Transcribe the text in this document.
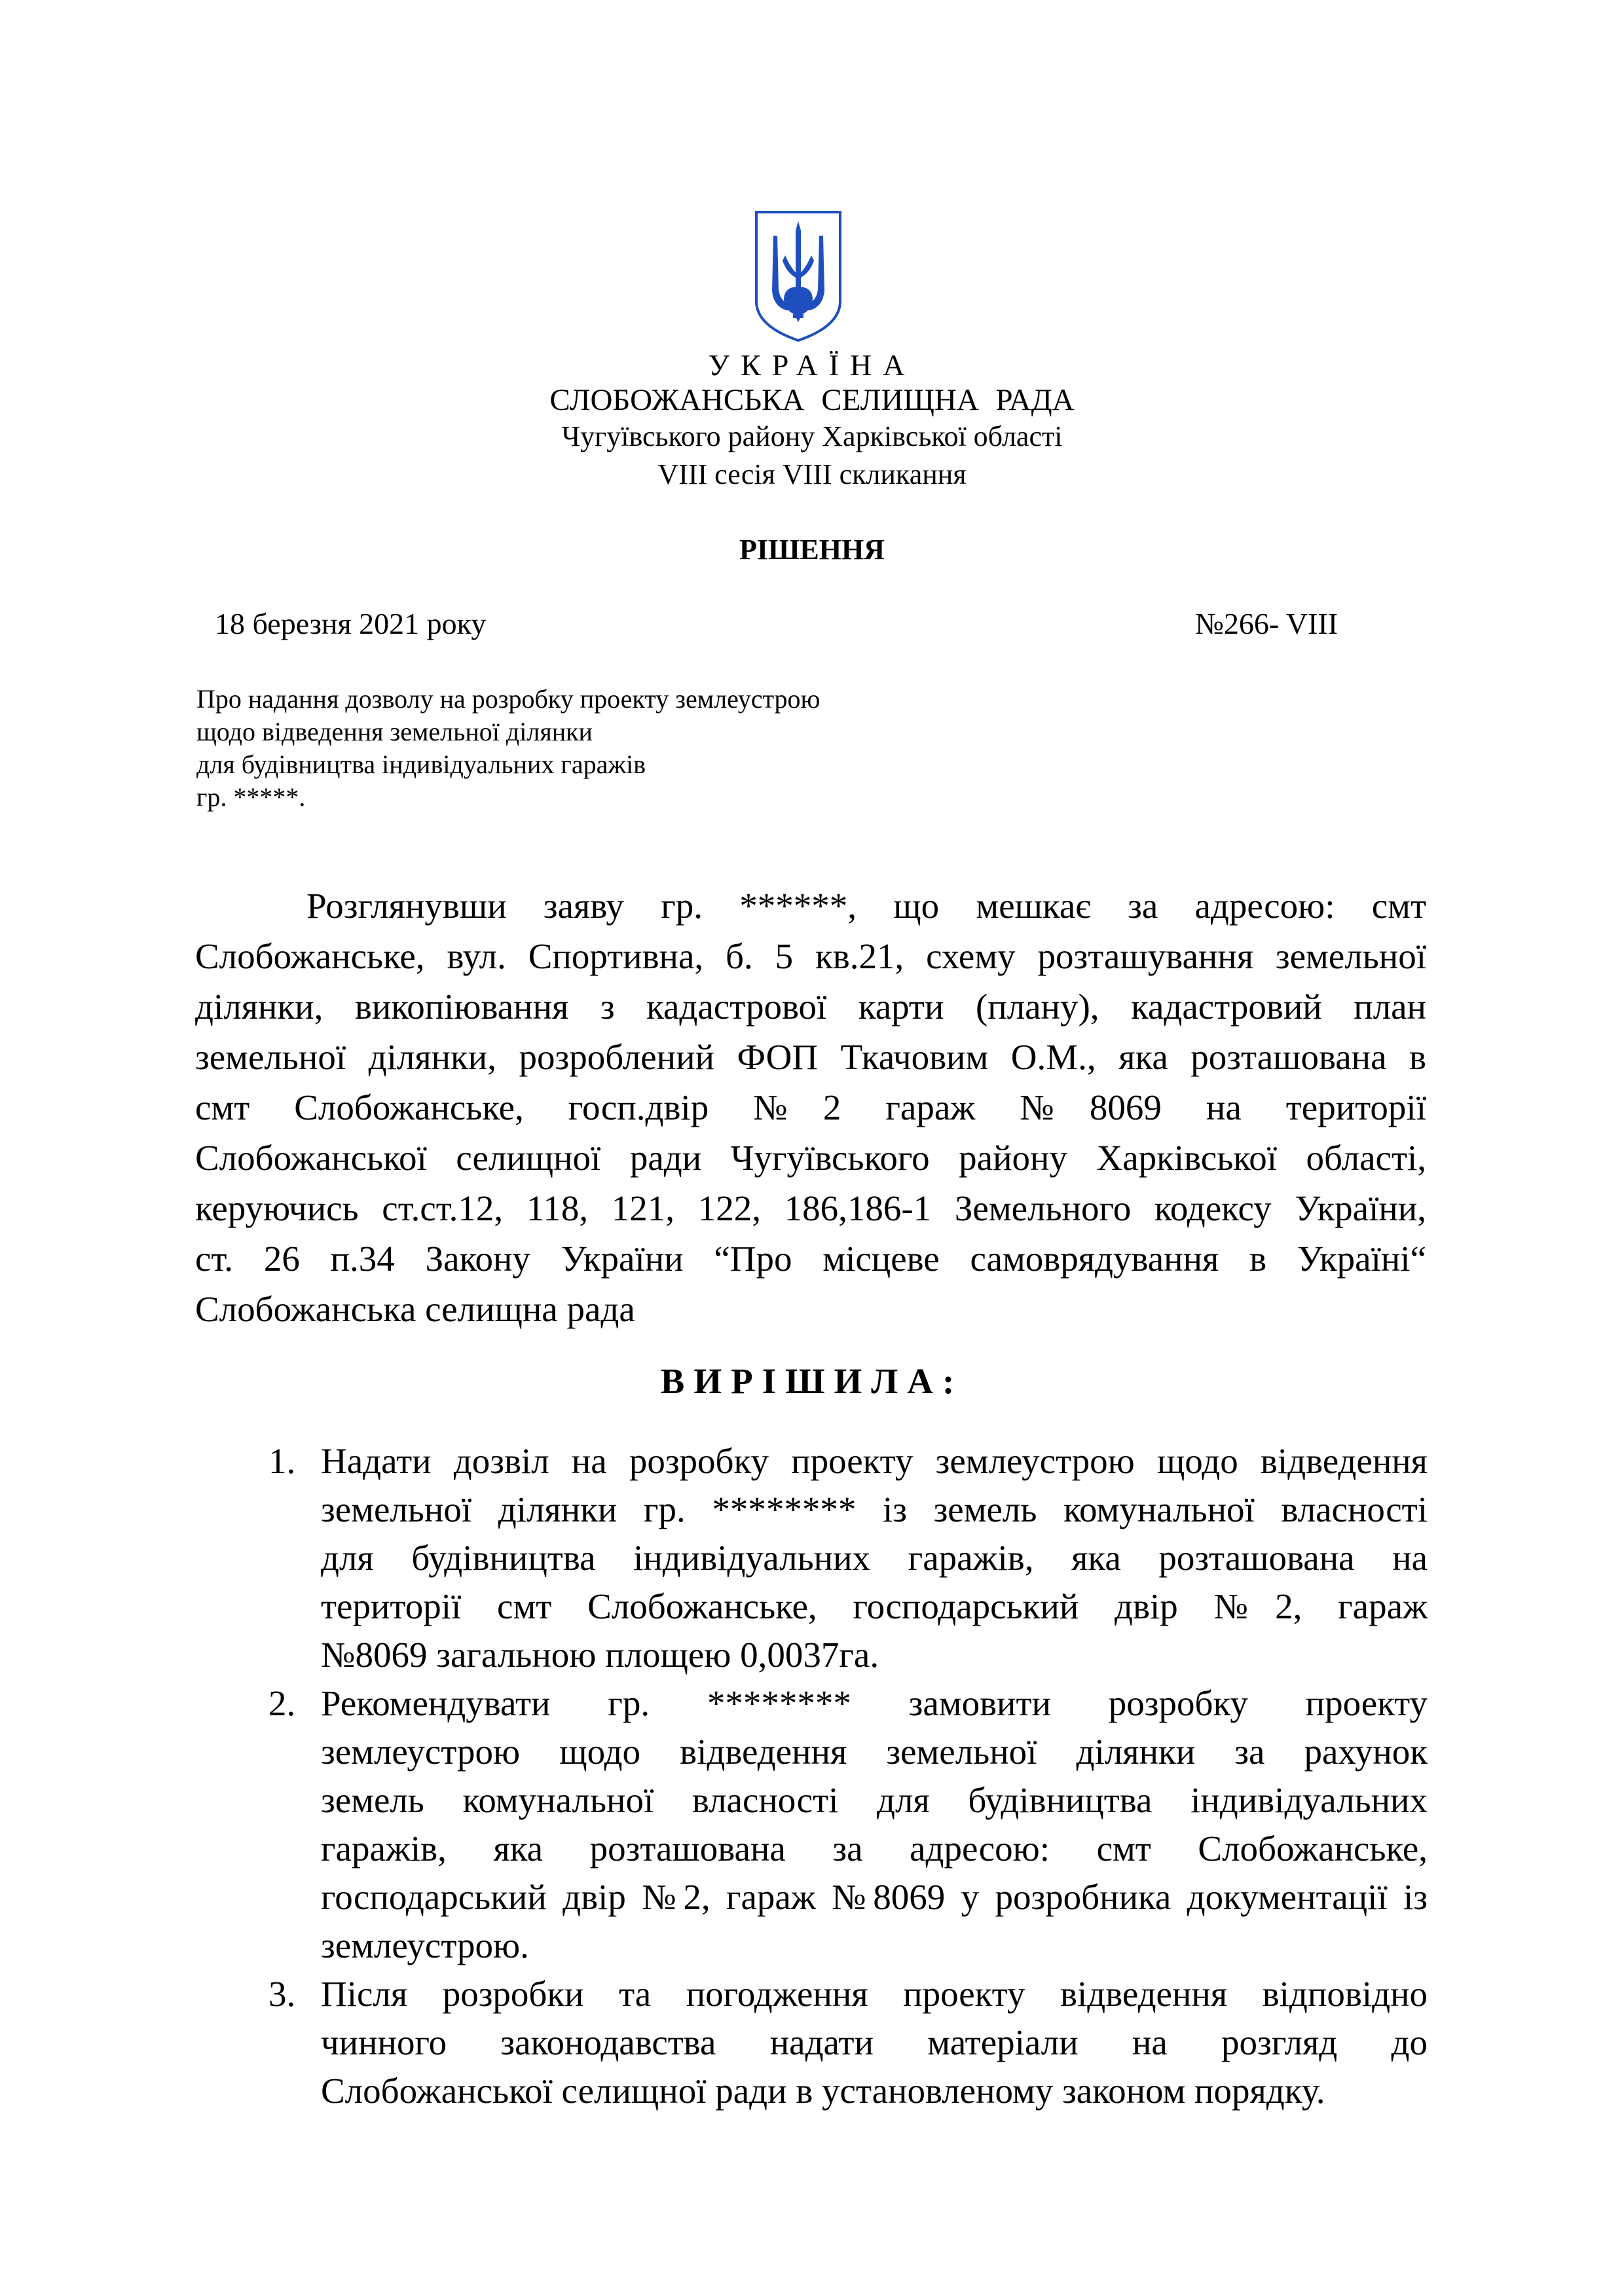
УКРАЇНА
СЛОБОЖАНСЬКА СЕЛИЩНА РАДА
Чугуївського району Харківської області
VIII сесія VIII скликання
РІШЕННЯ
18 березня 2021 року	№266- VIII
Про надання дозволу на розробку проекту землеустрою
щодо відведення земельної ділянки
для будівництва індивідуальних гаражів
гр. *****.
Розглянувши заяву гр. ******, що мешкає за адресою: смт
Слобожанське, вул. Спортивна, б. 5 кв.21, схему розташування земельної
ділянки, викопіювання з кадастрової карти (плану), кадастровий план
земельної ділянки, розроблений ФОП Ткачовим О.М., яка розташована в
смт Слобожанське, госп.двір №2 гараж №8069 на території
Слобожанської селищної ради Чугуївського району Харківської області,
керуючись ст.ст.12, 118, 121, 122, 186,186-1 Земельного кодексу України,
ст. 26 п.34 Закону України “Про місцеве самоврядування в Україні“
Слобожанська селищна рада
ВИРІШИЛА:
1. Надати дозвіл на розробку проекту землеустрою щодо відведення
земельної ділянки гр. ******** із земель комунальної власності
для будівництва індивідуальних гаражів, яка розташована на
території смт Слобожанське, господарський двір №2, гараж
№8069 загальною площею 0,0037га.
2. Рекомендувати гр. ******** замовити розробку проекту
землеустрою щодо відведення земельної ділянки за рахунок
земель комунальної власності для будівництва індивідуальних
гаражів, яка розташована за адресою: смт Слобожанське,
господарський двір №2, гараж №8069 у розробника документації із
землеустрою.
3. Після розробки та погодження проекту відведення відповідно
чинного законодавства надати матеріали на розгляд до
Слобожанської селищної ради в установленому законом порядку.
